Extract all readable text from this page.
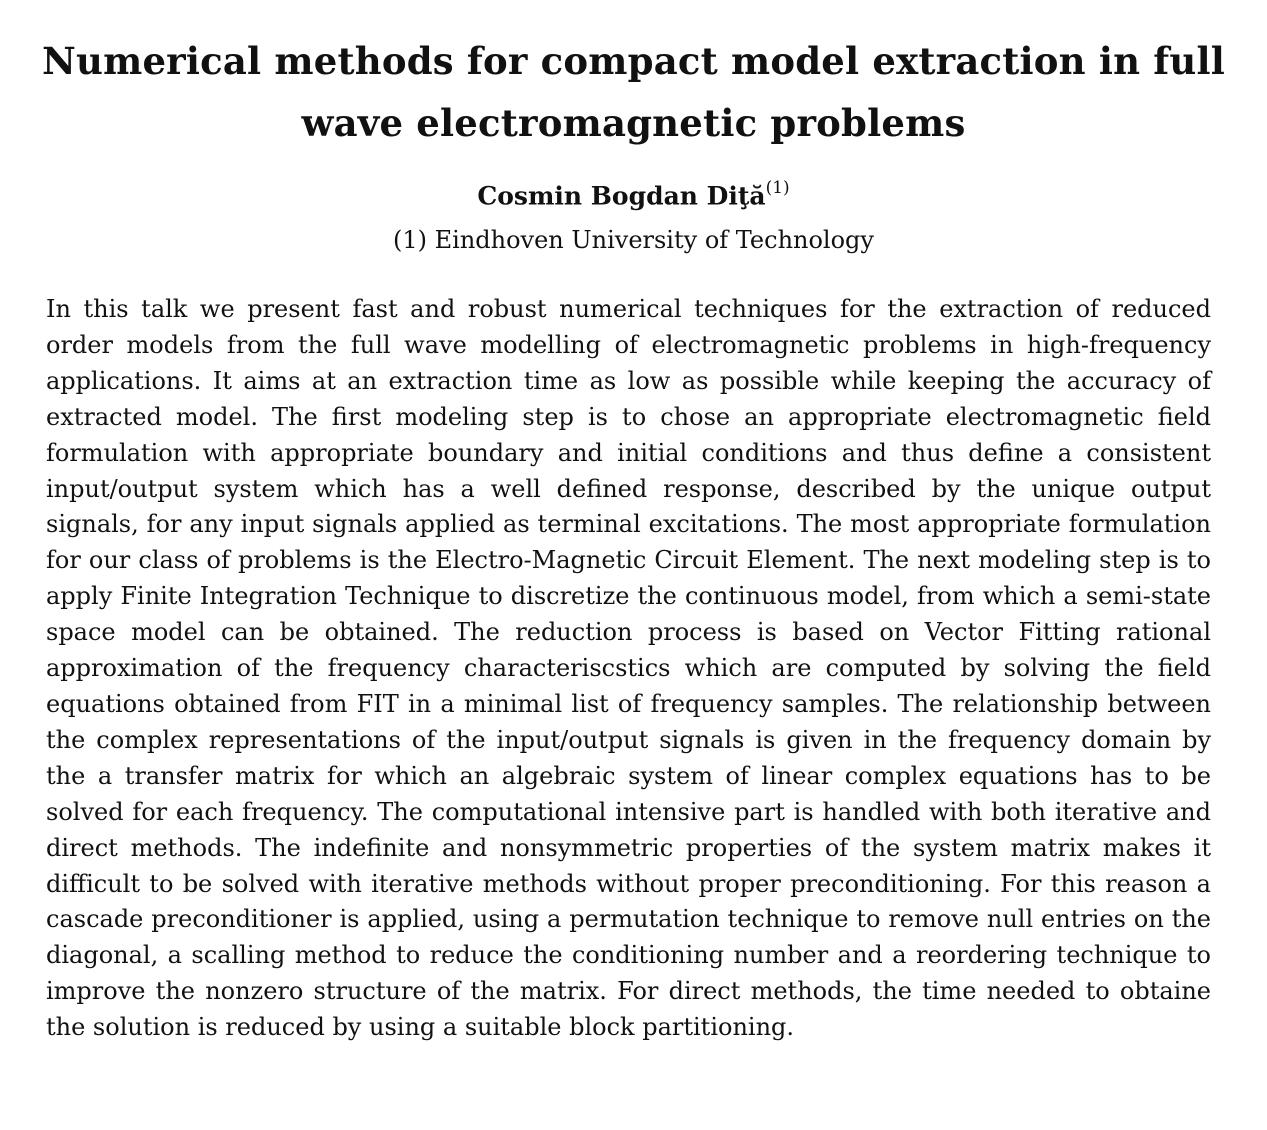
Numerical methods for compact model extraction in full wave electromagnetic problems
Cosmin Bogdan Diţă$^{(1)}$
(1) Eindhoven University of Technology

In this talk we present fast and robust numerical techniques for the extraction of reduced order models from the full wave modelling of electromagnetic problems in high-frequency applications. It aims at an extraction time as low as possible while keeping the accuracy of extracted model. The first modeling step is to chose an appropriate electromagnetic field formulation with appropriate boundary and initial conditions and thus define a consistent input/output system which has a well defined response, described by the unique output signals, for any input signals applied as terminal excitations. The most appropriate formulation for our class of problems is the Electro-Magnetic Circuit Element. The next modeling step is to apply Finite Integration Technique to discretize the continuous model, from which a semi-state space model can be obtained. The reduction process is based on Vector Fitting rational approximation of the frequency characteriscstics which are computed by solving the field equations obtained from FIT in a minimal list of frequency samples. The relationship between the complex representations of the input/output signals is given in the frequency domain by the a transfer matrix for which an algebraic system of linear complex equations has to be solved for each frequency. The computational intensive part is handled with both iterative and direct methods. The indefinite and nonsymmetric properties of the system matrix makes it difficult to be solved with iterative methods without proper preconditioning. For this reason a cascade preconditioner is applied, using a permutation technique to remove null entries on the diagonal, a scalling method to reduce the conditioning number and a reordering technique to improve the nonzero structure of the matrix. For direct methods, the time needed to obtaine the solution is reduced by using a suitable block partitioning.
